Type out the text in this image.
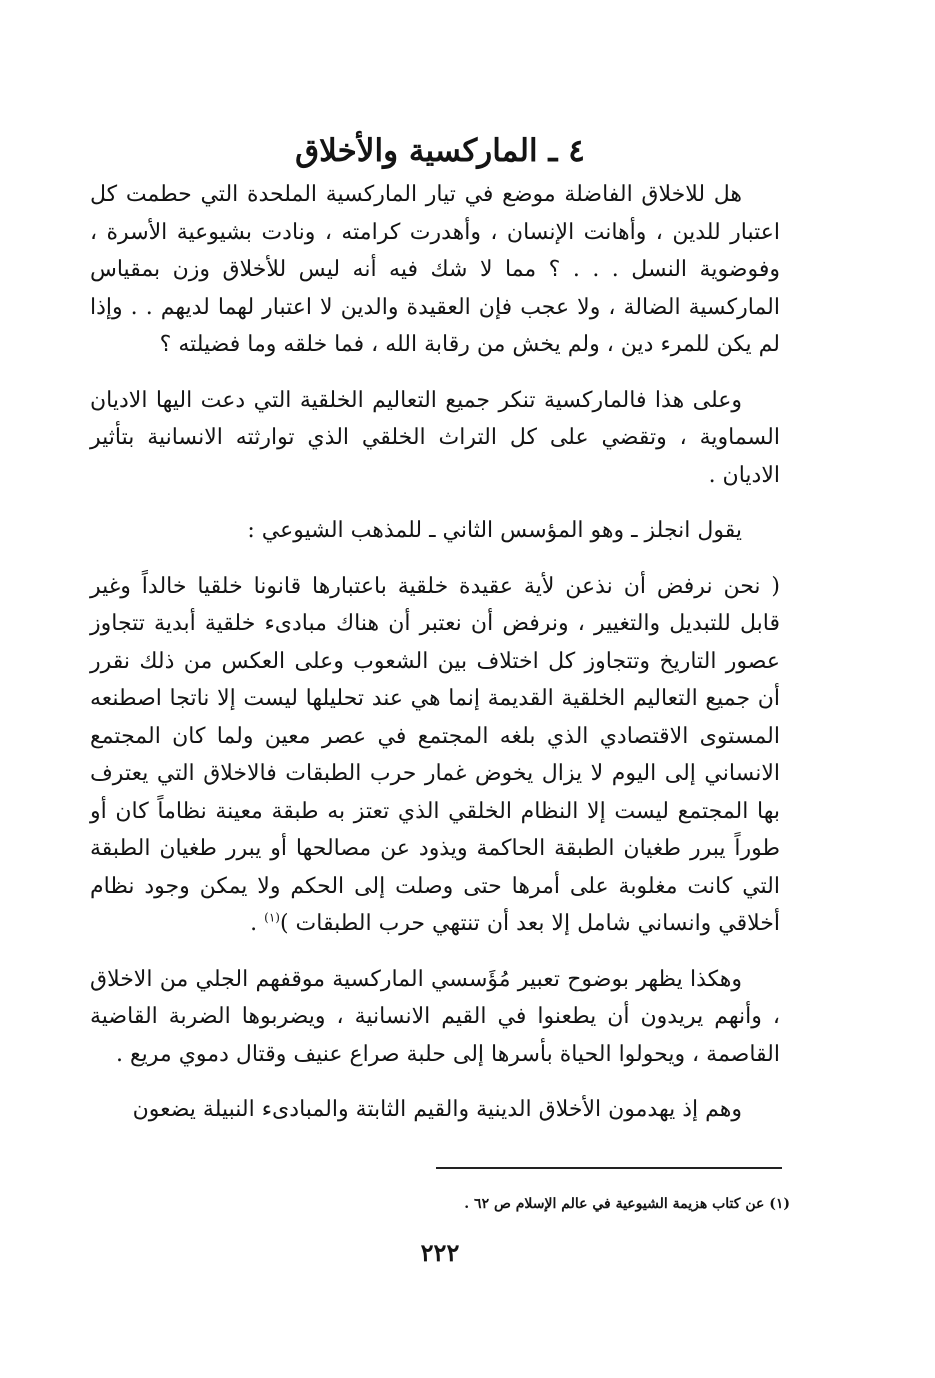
٤ ـ الماركسية والأخلاق

هل للاخلاق الفاضلة موضع في تيار الماركسية الملحدة التي حطمت كل اعتبار للدين ، وأهانت الإنسان ، وأهدرت كرامته ، ونادت بشيوعية الأسرة ، وفوضوية النسل . . . ؟ مما لا شك فيه أنه ليس للأخلاق وزن بمقياس الماركسية الضالة ، ولا عجب فإن العقيدة والدين لا اعتبار لهما لديهم . . وإذا لم يكن للمرء دين ، ولم يخش من رقابة الله ، فما خلقه وما فضيلته ؟

وعلى هذا فالماركسية تنكر جميع التعاليم الخلقية التي دعت اليها الاديان السماوية ، وتقضي على كل التراث الخلقي الذي توارثته الانسانية بتأثير الاديان .

يقول انجلز ـ وهو المؤسس الثاني ـ للمذهب الشيوعي :

( نحن نرفض أن نذعن لأية عقيدة خلقية باعتبارها قانونا خلقيا خالداً وغير قابل للتبديل والتغيير ، ونرفض أن نعتبر أن هناك مبادىء خلقية أبدية تتجاوز عصور التاريخ وتتجاوز كل اختلاف بين الشعوب وعلى العكس من ذلك نقرر أن جميع التعاليم الخلقية القديمة إنما هي عند تحليلها ليست إلا ناتجا اصطنعه المستوى الاقتصادي الذي بلغه المجتمع في عصر معين ولما كان المجتمع الانساني إلى اليوم لا يزال يخوض غمار حرب الطبقات فالاخلاق التي يعترف بها المجتمع ليست إلا النظام الخلقي الذي تعتز به طبقة معينة نظاماً كان أو طوراً يبرر طغيان الطبقة الحاكمة ويذود عن مصالحها أو يبرر طغيان الطبقة التي كانت مغلوبة على أمرها حتى وصلت إلى الحكم ولا يمكن وجود نظام أخلاقي وانساني شامل إلا بعد أن تنتهي حرب الطبقات )$^{(١)}$ .

وهكذا يظهر بوضوح تعبير مُؤَسسي الماركسية موقفهم الجلي من الاخلاق ، وأنهم يريدون أن يطعنوا في القيم الانسانية ، ويضربوها الضربة القاضية القاصمة ، ويحولوا الحياة بأسرها إلى حلبة صراع عنيف وقتال دموي مريع .

وهم إذ يهدمون الأخلاق الدينية والقيم الثابتة والمبادىء النبيلة يضعون

(١) عن كتاب هزيمة الشيوعية في عالم الإسلام ص ٦٢ .
٢٢٢
